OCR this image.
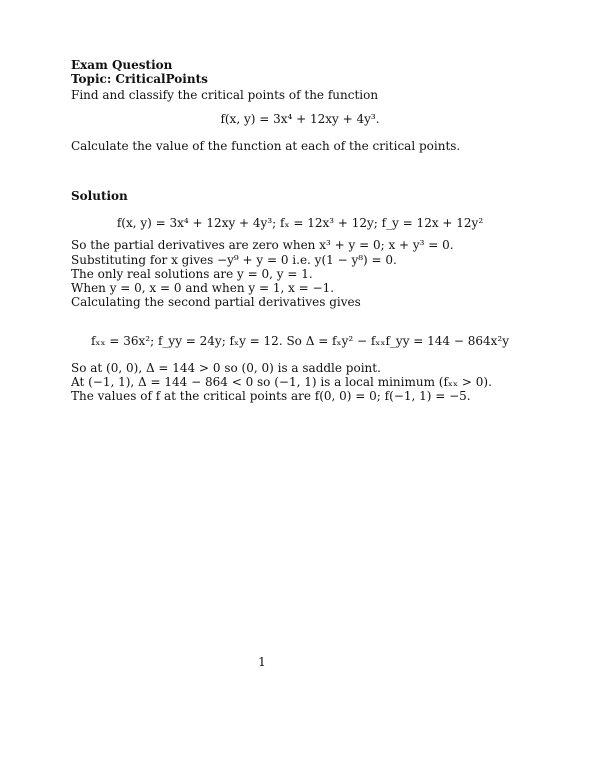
Exam Question
Topic: CriticalPoints
Find and classify the critical points of the function
f(x, y) = 3x⁴ + 12xy + 4y³.
Calculate the value of the function at each of the critical points.
Solution
f(x, y) = 3x⁴ + 12xy + 4y³; fₓ = 12x³ + 12y; f_y = 12x + 12y²
So the partial derivatives are zero when x³ + y = 0; x + y³ = 0.
Substituting for x gives −y⁹ + y = 0 i.e. y(1 − y⁸) = 0.
The only real solutions are y = 0, y = 1.
When y = 0, x = 0 and when y = 1, x = −1.
Calculating the second partial derivatives gives
fₓₓ = 36x²; f_yy = 24y; fₓy = 12. So Δ = fₓy² − fₓₓf_yy = 144 − 864x²y
So at (0, 0), Δ = 144 > 0 so (0, 0) is a saddle point.
At (−1, 1), Δ = 144 − 864 < 0 so (−1, 1) is a local minimum (fₓₓ > 0).
The values of f at the critical points are f(0, 0) = 0; f(−1, 1) = −5.
1
